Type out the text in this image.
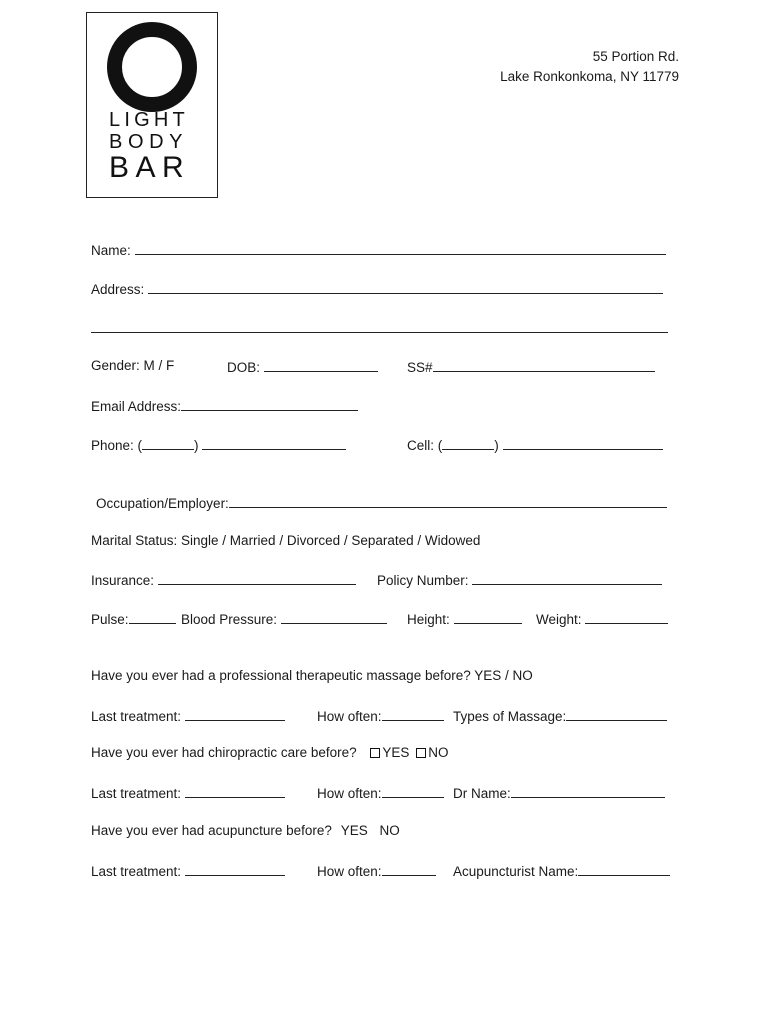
LIGHT
BODY
BAR
55 Portion Rd.
Lake Ronkonkoma, NY 11779
Name:
Address:
Gender: M / F	DOB:	SS#
Email Address:
Phone: (	)	Cell: (	)
Occupation/Employer:
Marital Status: Single / Married / Divorced / Separated / Widowed
Insurance:	Policy Number:
Pulse:	Blood Pressure:	Height:	Weight:
Have you ever had a professional therapeutic massage before? YES / NO
Last treatment:	How often:	Types of Massage:
Have you ever had chiropractic care before? YES NO
Last treatment:	How often:	Dr Name:
Have you ever had acupuncture before? YES NO
Last treatment:	How often:	Acupuncturist Name:
